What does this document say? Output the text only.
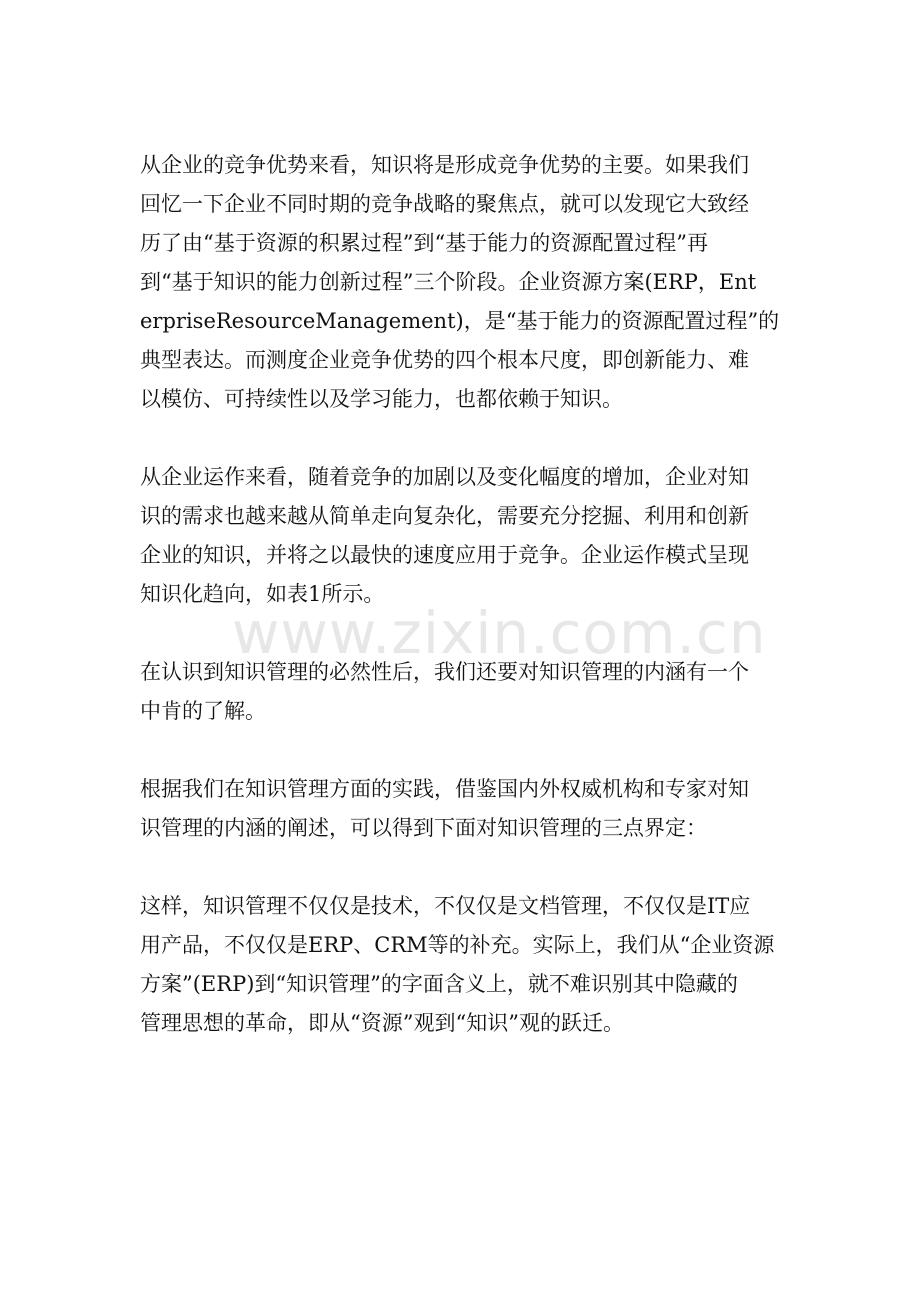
从企业的竞争优势来看，知识将是形成竞争优势的主要。如果我们
回忆一下企业不同时期的竞争战略的聚焦点，就可以发现它大致经
历了由“基于资源的积累过程”到“基于能力的资源配置过程”再
到“基于知识的能力创新过程”三个阶段。企业资源方案(ERP，Ent
erpriseResourceManagement)，是“基于能力的资源配置过程”的
典型表达。而测度企业竞争优势的四个根本尺度，即创新能力、难
以模仿、可持续性以及学习能力，也都依赖于知识。

从企业运作来看，随着竞争的加剧以及变化幅度的增加，企业对知
识的需求也越来越从简单走向复杂化，需要充分挖掘、利用和创新
企业的知识，并将之以最快的速度应用于竞争。企业运作模式呈现
知识化趋向，如表1所示。

在认识到知识管理的必然性后，我们还要对知识管理的内涵有一个
中肯的了解。

根据我们在知识管理方面的实践，借鉴国内外权威机构和专家对知
识管理的内涵的阐述，可以得到下面对知识管理的三点界定：

这样，知识管理不仅仅是技术，不仅仅是文档管理，不仅仅是IT应
用产品，不仅仅是ERP、CRM等的补充。实际上，我们从“企业资源
方案”(ERP)到“知识管理”的字面含义上，就不难识别其中隐藏的
管理思想的革命，即从“资源”观到“知识”观的跃迁。

www.zixin.com.cn
